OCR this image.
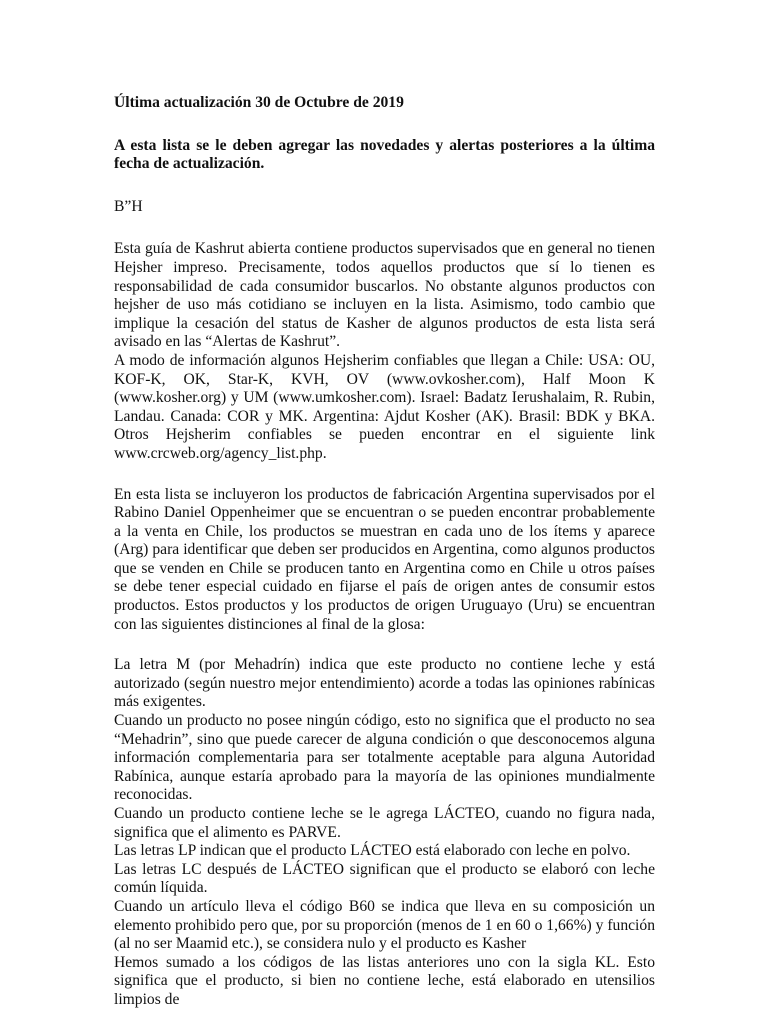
Última actualización 30 de Octubre de 2019

A esta lista se le deben agregar las novedades y alertas posteriores a la última fecha de actualización.

B”H

Esta guía de Kashrut abierta contiene productos supervisados que en general no tienen Hejsher impreso. Precisamente, todos aquellos productos que sí lo tienen es responsabilidad de cada consumidor buscarlos. No obstante algunos productos con hejsher de uso más cotidiano se incluyen en la lista. Asimismo, todo cambio que implique la cesación del status de Kasher de algunos productos de esta lista será avisado en las “Alertas de Kashrut”.

A modo de información algunos Hejsherim confiables que llegan a Chile: USA: OU, KOF-K, OK, Star-K, KVH, OV (www.ovkosher.com), Half Moon K (www.kosher.org) y UM (www.umkosher.com). Israel: Badatz Ierushalaim, R. Rubin, Landau. Canada: COR y MK. Argentina: Ajdut Kosher (AK). Brasil: BDK y BKA. Otros Hejsherim confiables se pueden encontrar en el siguiente link www.crcweb.org/agency_list.php.

En esta lista se incluyeron los productos de fabricación Argentina supervisados por el Rabino Daniel Oppenheimer que se encuentran o se pueden encontrar probablemente a la venta en Chile, los productos se muestran en cada uno de los ítems y aparece (Arg) para identificar que deben ser producidos en Argentina, como algunos productos que se venden en Chile se producen tanto en Argentina como en Chile u otros países se debe tener especial cuidado en fijarse el país de origen antes de consumir estos productos. Estos productos y los productos de origen Uruguayo (Uru) se encuentran con las siguientes distinciones al final de la glosa:

La letra M (por Mehadrín) indica que este producto no contiene leche y está autorizado (según nuestro mejor entendimiento) acorde a todas las opiniones rabínicas más exigentes.

Cuando un producto no posee ningún código, esto no significa que el producto no sea “Mehadrin”, sino que puede carecer de alguna condición o que desconocemos alguna información complementaria para ser totalmente aceptable para alguna Autoridad Rabínica, aunque estaría aprobado para la mayoría de las opiniones mundialmente reconocidas.

Cuando un producto contiene leche se le agrega LÁCTEO, cuando no figura nada, significa que el alimento es PARVE.

Las letras LP indican que el producto LÁCTEO está elaborado con leche en polvo.

Las letras LC después de LÁCTEO significan que el producto se elaboró con leche común líquida.

Cuando un artículo lleva el código B60 se indica que lleva en su composición un elemento prohibido pero que, por su proporción (menos de 1 en 60 o 1,66%) y función (al no ser Maamid etc.), se considera nulo y el producto es Kasher

Hemos sumado a los códigos de las listas anteriores uno con la sigla KL. Esto significa que el producto, si bien no contiene leche, está elaborado en utensilios limpios de
